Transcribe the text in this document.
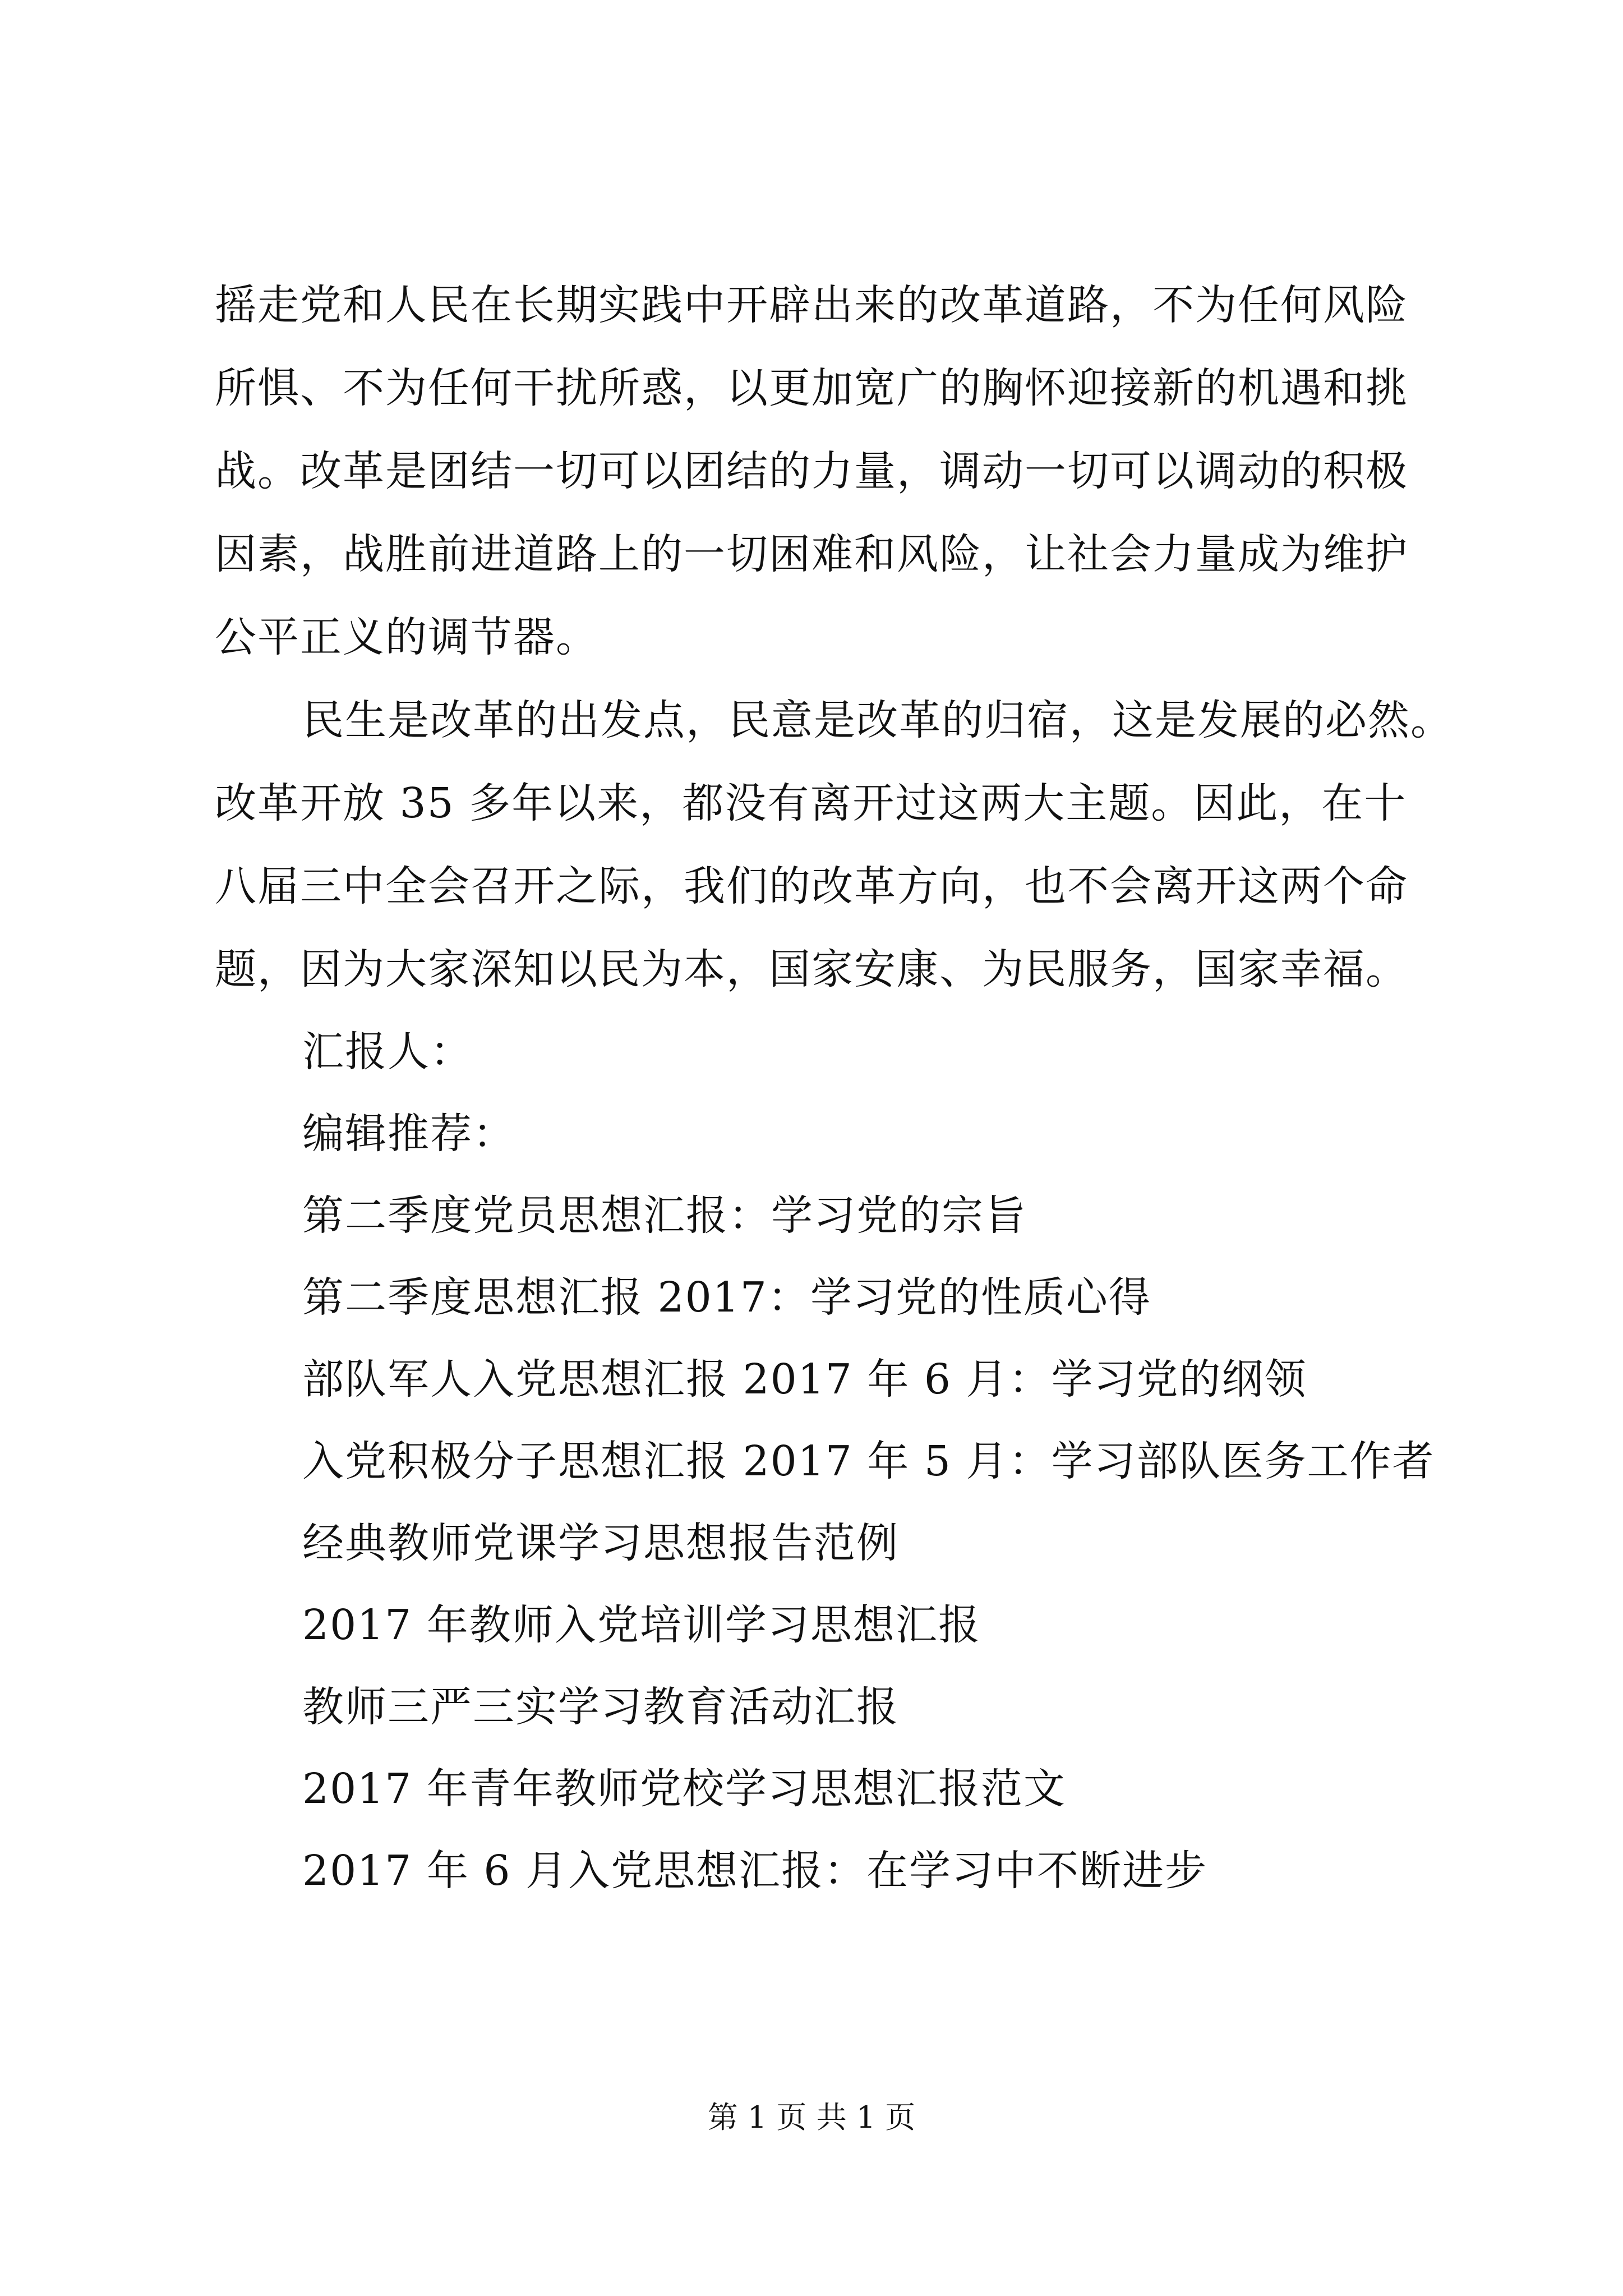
摇走党和人民在长期实践中开辟出来的改革道路，不为任何风险
所惧、不为任何干扰所惑，以更加宽广的胸怀迎接新的机遇和挑
战。改革是团结一切可以团结的力量，调动一切可以调动的积极
因素，战胜前进道路上的一切困难和风险，让社会力量成为维护
公平正义的调节器。
民生是改革的出发点，民意是改革的归宿，这是发展的必然。
改革开放 35 多年以来，都没有离开过这两大主题。因此，在十
八届三中全会召开之际，我们的改革方向，也不会离开这两个命
题，因为大家深知以民为本，国家安康、为民服务，国家幸福。
汇报人：
编辑推荐：
第二季度党员思想汇报：学习党的宗旨
第二季度思想汇报 2017：学习党的性质心得
部队军人入党思想汇报 2017 年 6 月：学习党的纲领
入党积极分子思想汇报 2017 年 5 月：学习部队医务工作者
经典教师党课学习思想报告范例
2017 年教师入党培训学习思想汇报
教师三严三实学习教育活动汇报
2017 年青年教师党校学习思想汇报范文
2017 年 6 月入党思想汇报：在学习中不断进步
第 1 页 共 1 页
